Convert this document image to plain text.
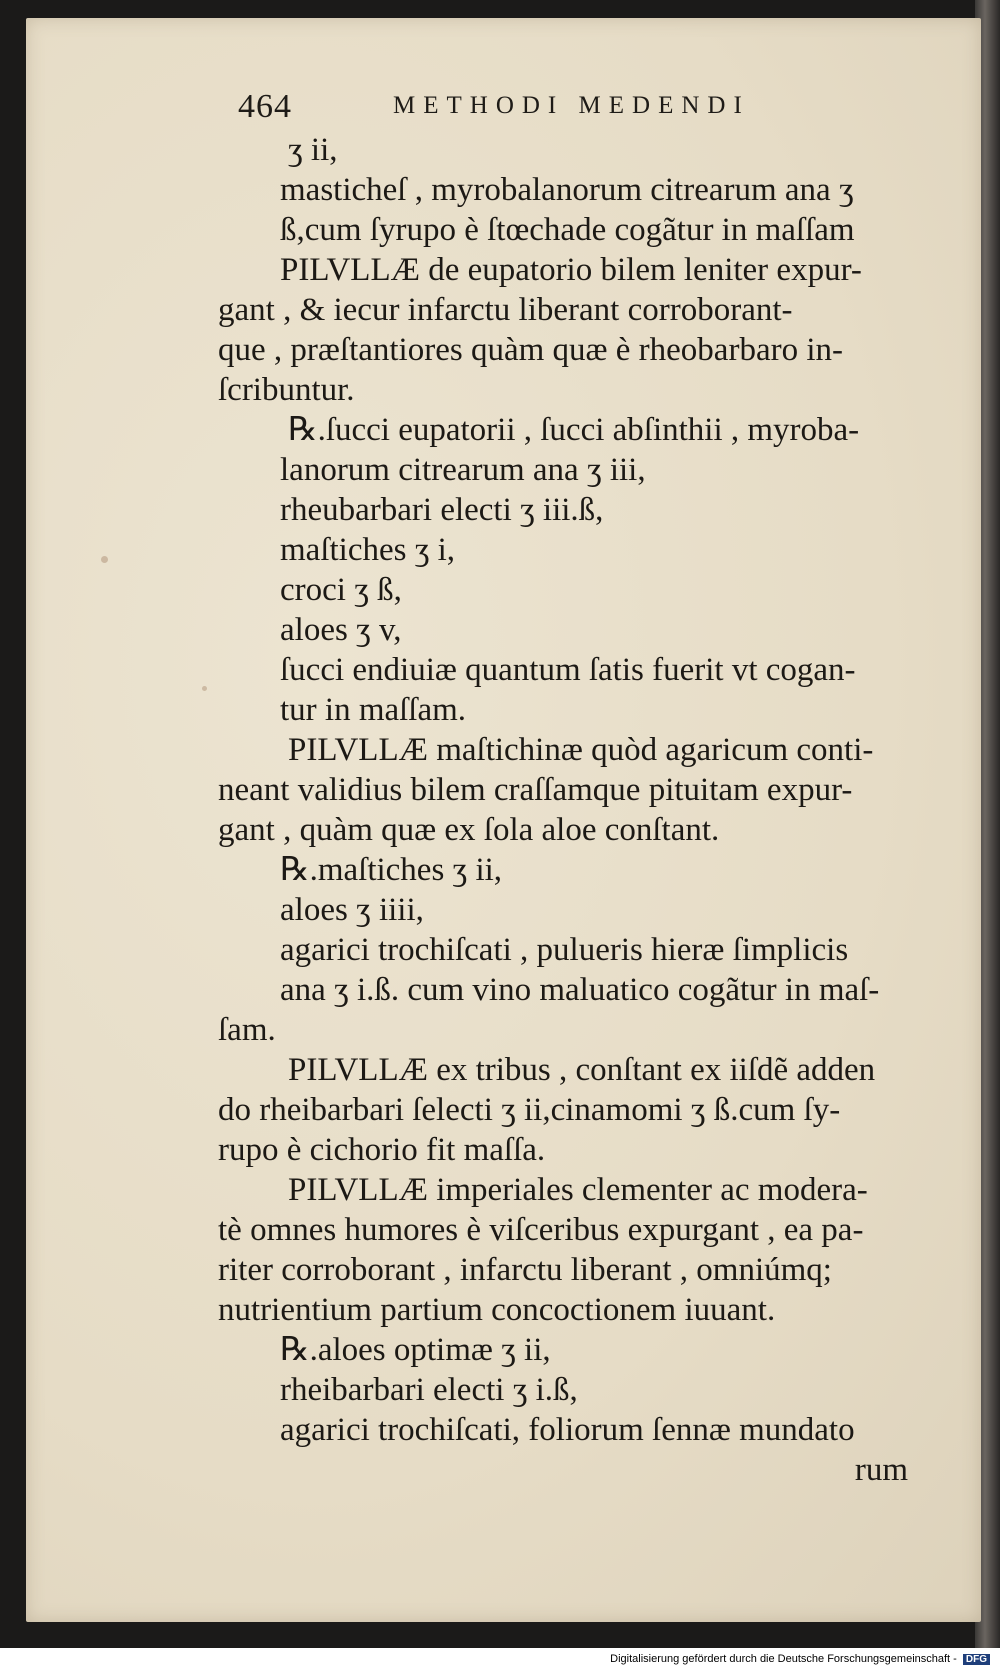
464	METHODI MEDENDI
ʒ ii,
masticheſ , myrobalanorum citrearum ana ʒ
ß,cum ſyrupo è ſtœchade cogãtur in maſſam
PILVLLÆ de eupatorio bilem leniter expur-
gant , & iecur infarctu liberant corroborant-
que , præſtantiores quàm quæ è rheobarbaro in-
ſcribuntur.
℞.ſucci eupatorii , ſucci abſinthii , myroba-
lanorum citrearum ana ʒ iii,
rheubarbari electi ʒ iii.ß,
maſtiches ʒ i,
croci ʒ ß,
aloes ʒ v,
ſucci endiuiæ quantum ſatis fuerit vt cogan-
tur in maſſam.
PILVLLÆ maſtichinæ quòd agaricum conti-
neant validius bilem craſſamque pituitam expur-
gant , quàm quæ ex ſola aloe conſtant.
℞.maſtiches ʒ ii,
aloes ʒ iiii,
agarici trochiſcati , pulueris hieræ ſimplicis
ana ʒ i.ß. cum vino maluatico cogãtur in maſ-
ſam.
PILVLLÆ ex tribus , conſtant ex iiſdẽ adden
do rheibarbari ſelecti ʒ ii,cinamomi ʒ ß.cum ſy-
rupo è cichorio fit maſſa.
PILVLLÆ imperiales clementer ac modera-
tè omnes humores è viſceribus expurgant , ea pa-
riter corroborant , infarctu liberant , omniúmq;
nutrientium partium concoctionem iuuant.
℞.aloes optimæ ʒ ii,
rheibarbari electi ʒ i.ß,
agarici trochiſcati, foliorum ſennæ mundato
rum
Digitalisierung gefördert durch die Deutsche Forschungsgemeinschaft - DFG
